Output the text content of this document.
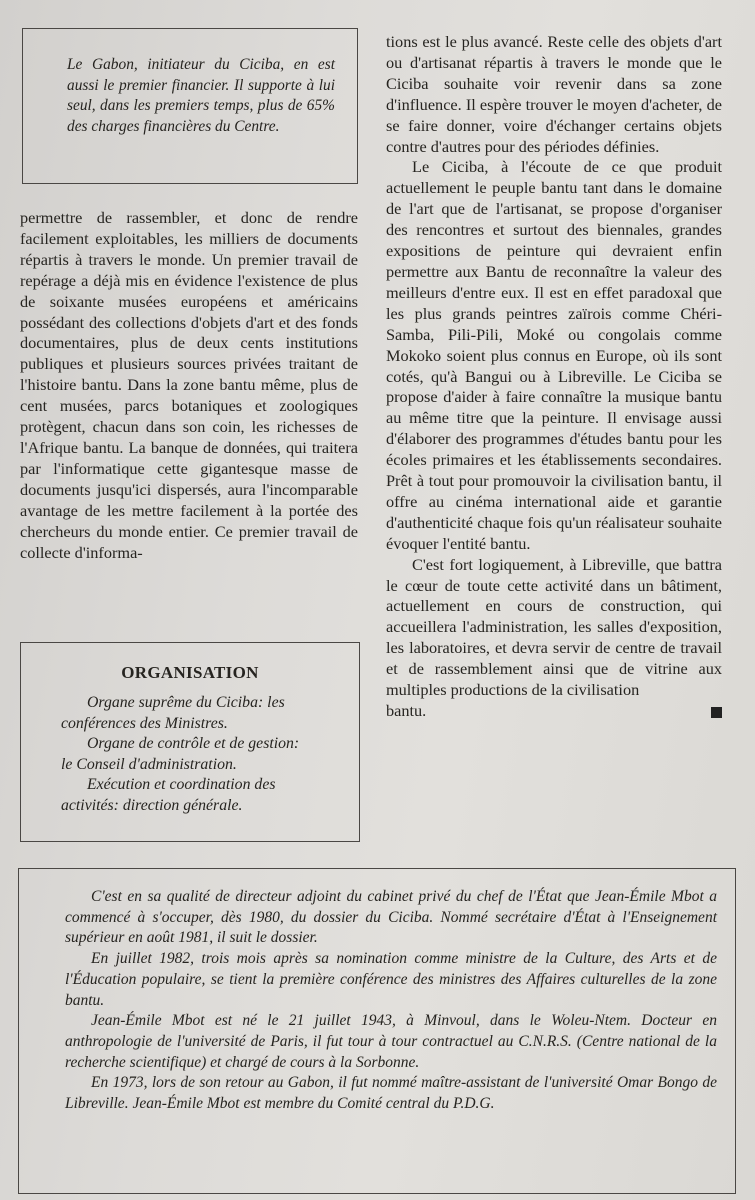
Le Gabon, initiateur du Ciciba, en est aussi le premier financier. Il supporte à lui seul, dans les premiers temps, plus de 65% des charges financières du Centre.

permettre de rassembler, et donc de rendre facilement exploitables, les milliers de documents répartis à travers le monde. Un premier travail de repérage a déjà mis en évidence l'existence de plus de soixante musées européens et américains possédant des collections d'objets d'art et des fonds documentaires, plus de deux cents institutions publiques et plusieurs sources privées traitant de l'histoire bantu. Dans la zone bantu même, plus de cent musées, parcs botaniques et zoologiques protègent, chacun dans son coin, les richesses de l'Afrique bantu. La banque de données, qui traitera par l'informatique cette gigantesque masse de documents jusqu'ici dispersés, aura l'incomparable avantage de les mettre facilement à la portée des chercheurs du monde entier. Ce premier travail de collecte d'informa-

ORGANISATION

Organe suprême du Ciciba: les
conférences des Ministres.

Organe de contrôle et de gestion:
le Conseil d'administration.

Exécution et coordination des
activités: direction générale.

tions est le plus avancé. Reste celle des objets d'art ou d'artisanat répartis à travers le monde que le Ciciba souhaite voir revenir dans sa zone d'influence. Il espère trouver le moyen d'acheter, de se faire donner, voire d'échanger certains objets contre d'autres pour des périodes définies.

Le Ciciba, à l'écoute de ce que produit actuellement le peuple bantu tant dans le domaine de l'art que de l'artisanat, se propose d'organiser des rencontres et surtout des biennales, grandes expositions de peinture qui devraient enfin permettre aux Bantu de reconnaître la valeur des meilleurs d'entre eux. Il est en effet paradoxal que les plus grands peintres zaïrois comme Chéri-Samba, Pili-Pili, Moké ou congolais comme Mokoko soient plus connus en Europe, où ils sont cotés, qu'à Bangui ou à Libreville. Le Ciciba se propose d'aider à faire connaître la musique bantu au même titre que la peinture. Il envisage aussi d'élaborer des programmes d'études bantu pour les écoles primaires et les établissements secondaires. Prêt à tout pour promouvoir la civilisation bantu, il offre au cinéma international aide et garantie d'authenticité chaque fois qu'un réalisateur souhaite évoquer l'entité bantu.

C'est fort logiquement, à Libreville, que battra le cœur de toute cette activité dans un bâtiment, actuellement en cours de construction, qui accueillera l'administration, les salles d'exposition, les laboratoires, et devra servir de centre de travail et de rassemblement ainsi que de vitrine aux multiples productions de la civilisation

bantu.

C'est en sa qualité de directeur adjoint du cabinet privé du chef de l'État que Jean-Émile Mbot a commencé à s'occuper, dès 1980, du dossier du Ciciba. Nommé secrétaire d'État à l'Enseignement supérieur en août 1981, il suit le dossier.

En juillet 1982, trois mois après sa nomination comme ministre de la Culture, des Arts et de l'Éducation populaire, se tient la première conférence des ministres des Affaires culturelles de la zone bantu.

Jean-Émile Mbot est né le 21 juillet 1943, à Minvoul, dans le Woleu-Ntem. Docteur en anthropologie de l'université de Paris, il fut tour à tour contractuel au C.N.R.S. (Centre national de la recherche scientifique) et chargé de cours à la Sorbonne.

En 1973, lors de son retour au Gabon, il fut nommé maître-assistant de l'université Omar Bongo de Libreville. Jean-Émile Mbot est membre du Comité central du P.D.G.
